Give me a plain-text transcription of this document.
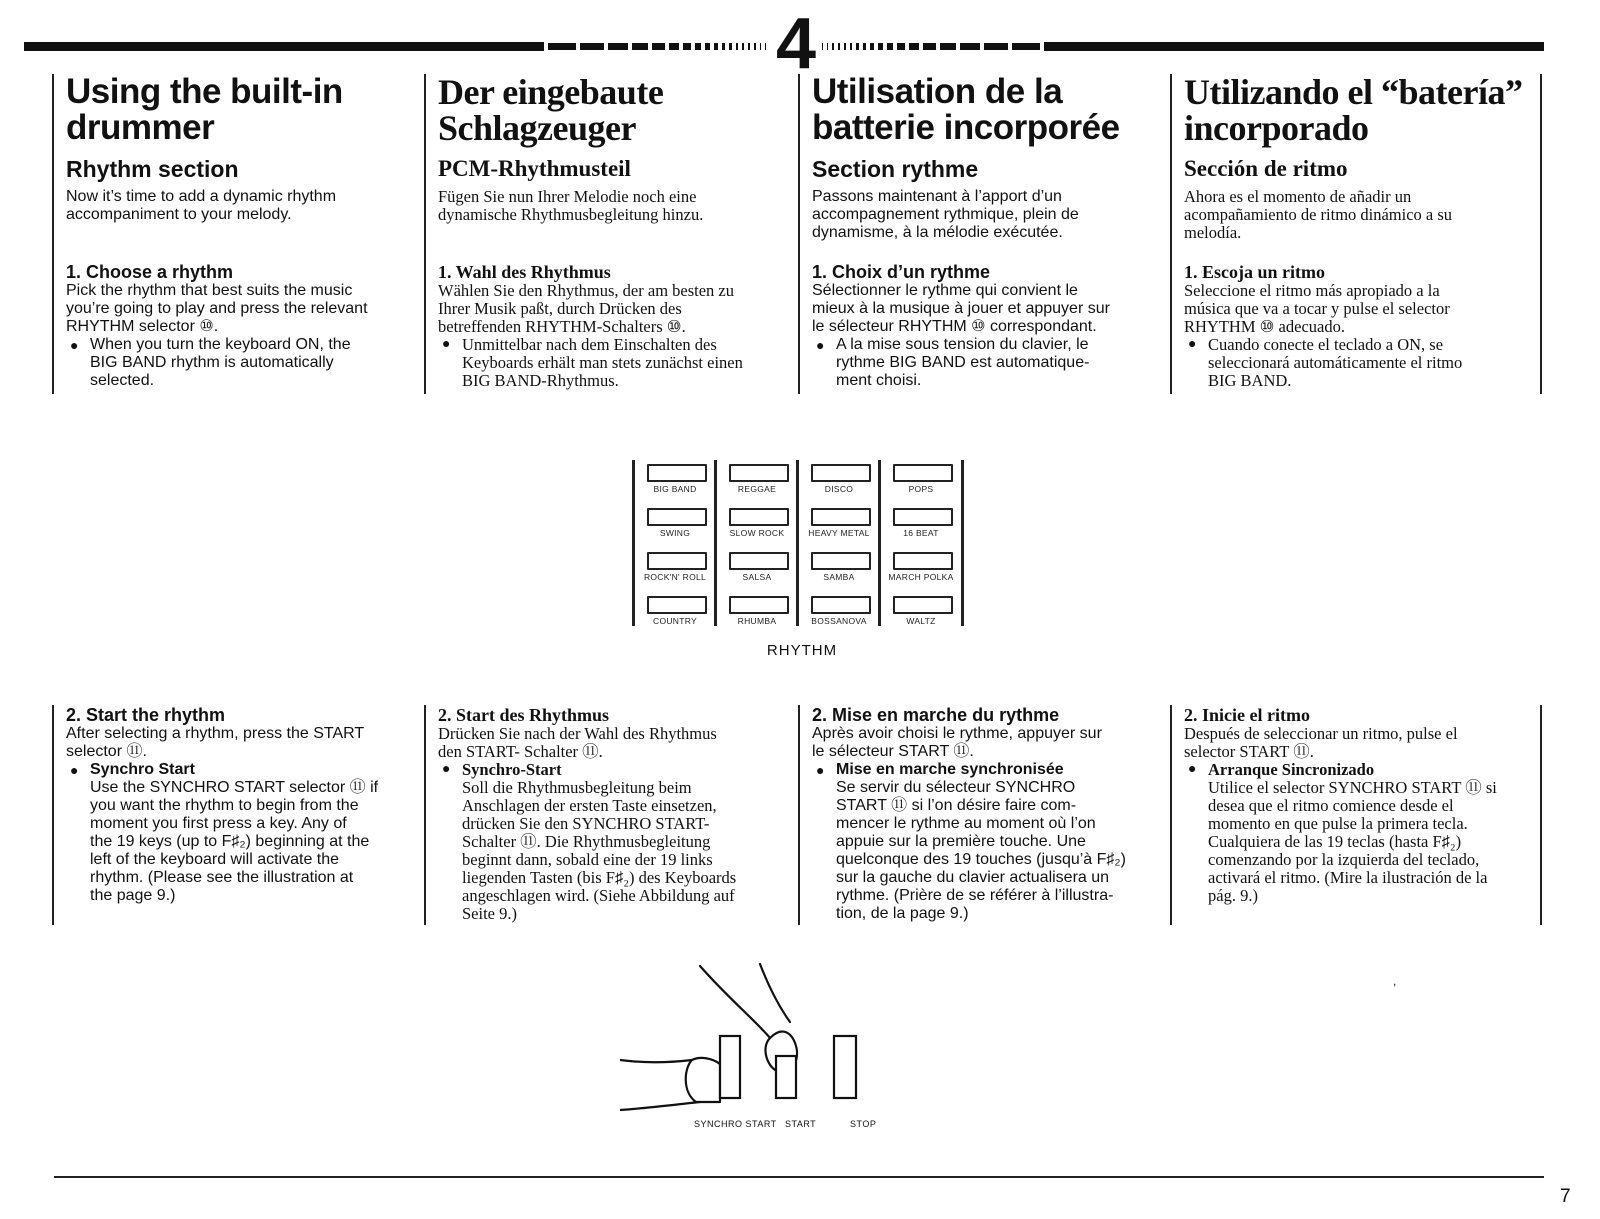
4
Using the built-in drummer
Rhythm section

Now it’s time to add a dynamic rhythm
accompaniment to your melody.

1. Choose a rhythm

Pick the rhythm that best suits the music
you’re going to play and press the relevant
RHYTHM selector ⑩.

● When you turn the keyboard ON, the
BIG BAND rhythm is automatically
selected.
Der eingebaute Schlagzeuger
PCM-Rhythmusteil

Fügen Sie nun Ihrer Melodie noch eine
dynamische Rhythmusbegleitung hinzu.

1. Wahl des Rhythmus

Wählen Sie den Rhythmus, der am besten zu
Ihrer Musik paßt, durch Drücken des
betreffenden RHYTHM-Schalters ⑩.

● Unmittelbar nach dem Einschalten des
Keyboards erhält man stets zunächst einen
BIG BAND-Rhythmus.
Utilisation de la batterie incorporée
Section rythme

Passons maintenant à l’apport d’un
accompagnement rythmique, plein de
dynamisme, à la mélodie exécutée.

1. Choix d’un rythme

Sélectionner le rythme qui convient le
mieux à la musique à jouer et appuyer sur
le sélecteur RHYTHM ⑩ correspondant.

● A la mise sous tension du clavier, le
rythme BIG BAND est automatique-
ment choisi.
Utilizando el “batería” incorporado
Sección de ritmo

Ahora es el momento de añadir un
acompañamiento de ritmo dinámico a su
melodía.

1. Escoja un ritmo

Seleccione el ritmo más apropiado a la
música que va a tocar y pulse el selector
RHYTHM ⑩ adecuado.

● Cuando conecte el teclado a ON, se
seleccionará automáticamente el ritmo
BIG BAND.
BIG BAND
SWING
ROCK'N' ROLL
COUNTRY
REGGAE
SLOW ROCK
SALSA
RHUMBA
DISCO
HEAVY METAL
SAMBA
BOSSANOVA
POPS
16 BEAT
MARCH POLKA
WALTZ
RHYTHM
2. Start the rhythm

After selecting a rhythm, press the START
selector ⑪.

● Synchro Start
Use the SYNCHRO START selector ⑪ if
you want the rhythm to begin from the
moment you first press a key. Any of
the 19 keys (up to F♯₂) beginning at the
left of the keyboard will activate the
rhythm. (Please see the illustration at
the page 9.)
2. Start des Rhythmus

Drücken Sie nach der Wahl des Rhythmus
den START- Schalter ⑪.

● Synchro-Start
Soll die Rhythmusbegleitung beim
Anschlagen der ersten Taste einsetzen,
drücken Sie den SYNCHRO START-
Schalter ⑪. Die Rhythmusbegleitung
beginnt dann, sobald eine der 19 links
liegenden Tasten (bis F♯₂) des Keyboards
angeschlagen wird. (Siehe Abbildung auf
Seite 9.)
2. Mise en marche du rythme

Après avoir choisi le rythme, appuyer sur
le sélecteur START ⑪.

● Mise en marche synchronisée
Se servir du sélecteur SYNCHRO
START ⑪ si l’on désire faire com-
mencer le rythme au moment où l’on
appuie sur la première touche. Une
quelconque des 19 touches (jusqu’à F♯₂)
sur la gauche du clavier actualisera un
rythme. (Prière de se référer à l’illustra-
tion, de la page 9.)
2. Inicie el ritmo

Después de seleccionar un ritmo, pulse el
selector START ⑪.

● Arranque Sincronizado
Utilice el selector SYNCHRO START ⑪ si
desea que el ritmo comience desde el
momento en que pulse la primera tecla.
Cualquiera de las 19 teclas (hasta F♯₂)
comenzando por la izquierda del teclado,
activará el ritmo. (Mire la ilustración de la
pág. 9.)
SYNCHRO START START	STOP
,
7
